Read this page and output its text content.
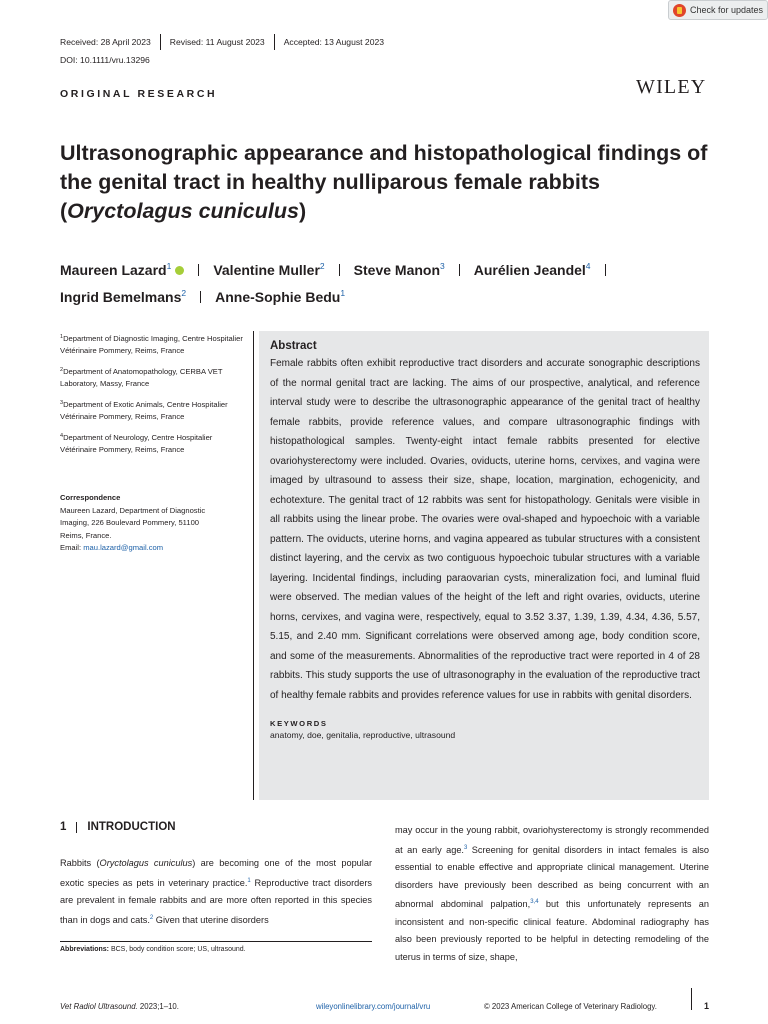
Check for updates
Received: 28 April 2023 Revised: 11 August 2023 Accepted: 13 August 2023
DOI: 10.1111/vru.13296
ORIGINAL RESEARCH	WILEY
Ultrasonographic appearance and histopathological findings of
the genital tract in healthy nulliparous female rabbits
(Oryctolagus cuniculus)
Maureen Lazard$^1$	Valentine Muller$^2$ Steve Manon$^3$ Aurélien Jeandel$^4$
Ingrid Bemelmans$^2$ Anne-Sophie Bedu$^1$
$^1$Department of Diagnostic Imaging, Centre Hospitalier Vétérinaire Pommery, Reims, France
$^2$Department of Anatomopathology, CERBA VET Laboratory, Massy, France
$^3$Department of Exotic Animals, Centre Hospitalier Vétérinaire Pommery, Reims, France
$^4$Department of Neurology, Centre Hospitalier Vétérinaire Pommery, Reims, France
Correspondence
Maureen Lazard, Department of Diagnostic
Imaging, 226 Boulevard Pommery, 51100
Reims, France.
Email: mau.lazard@gmail.com
Abstract

Female rabbits often exhibit reproductive tract disorders and accurate sonographic descriptions of the normal genital tract are lacking. The aims of our prospective, analytical, and reference interval study were to describe the ultrasonographic appearance of the genital tract of healthy female rabbits, provide reference values, and compare ultrasonographic findings with histopathological samples. Twenty-eight intact female rabbits presented for elective ovariohysterectomy were included. Ovaries, oviducts, uterine horns, cervixes, and vagina were imaged by ultrasound to assess their size, shape, location, margination, echogenicity, and echotexture. The genital tract of 12 rabbits was sent for histopathology. Genitals were visible in all rabbits using the linear probe. The ovaries were oval-shaped and hypoechoic with a variable pattern. The oviducts, uterine horns, and vagina appeared as tubular structures with a consistent distinct layering, and the cervix as two contiguous hypoechoic tubular structures with a variable layering. Incidental findings, including paraovarian cysts, mineralization foci, and luminal fluid were observed. The median values of the height of the left and right ovaries, oviducts, uterine horns, cervixes, and vagina were, respectively, equal to 3.52 3.37, 1.39, 1.39, 4.34, 4.36, 5.57, 5.15, and 2.40 mm. Significant correlations were observed among age, body condition score, and some of the measurements. Abnormalities of the reproductive tract were reported in 4 of 28 rabbits. This study supports the use of ultrasonography in the evaluation of the reproductive tract of healthy female rabbits and provides reference values for use in rabbits with genital disorders.

KEYWORDS
anatomy, doe, genitalia, reproductive, ultrasound
1 INTRODUCTION

Rabbits (Oryctolagus cuniculus) are becoming one of the most popular exotic species as pets in veterinary practice.$^1$ Reproductive tract disorders are prevalent in female rabbits and are more often reported in this species than in dogs and cats.$^2$ Given that uterine disorders

may occur in the young rabbit, ovariohysterectomy is strongly recommended at an early age.$^3$ Screening for genital disorders in intact females is also essential to enable effective and appropriate clinical management. Uterine disorders have previously been described as being concurrent with an abnormal abdominal palpation,$^{3,4}$ but this unfortunately represents an inconsistent and non-specific clinical feature. Abdominal radiography has also been previously reported to be helpful in detecting remodeling of the uterus in terms of size, shape,

Abbreviations: BCS, body condition score; US, ultrasound.
Vet Radiol Ultrasound. 2023;1–10.	wileyonlinelibrary.com/journal/vru	© 2023 American College of Veterinary Radiology.	1
